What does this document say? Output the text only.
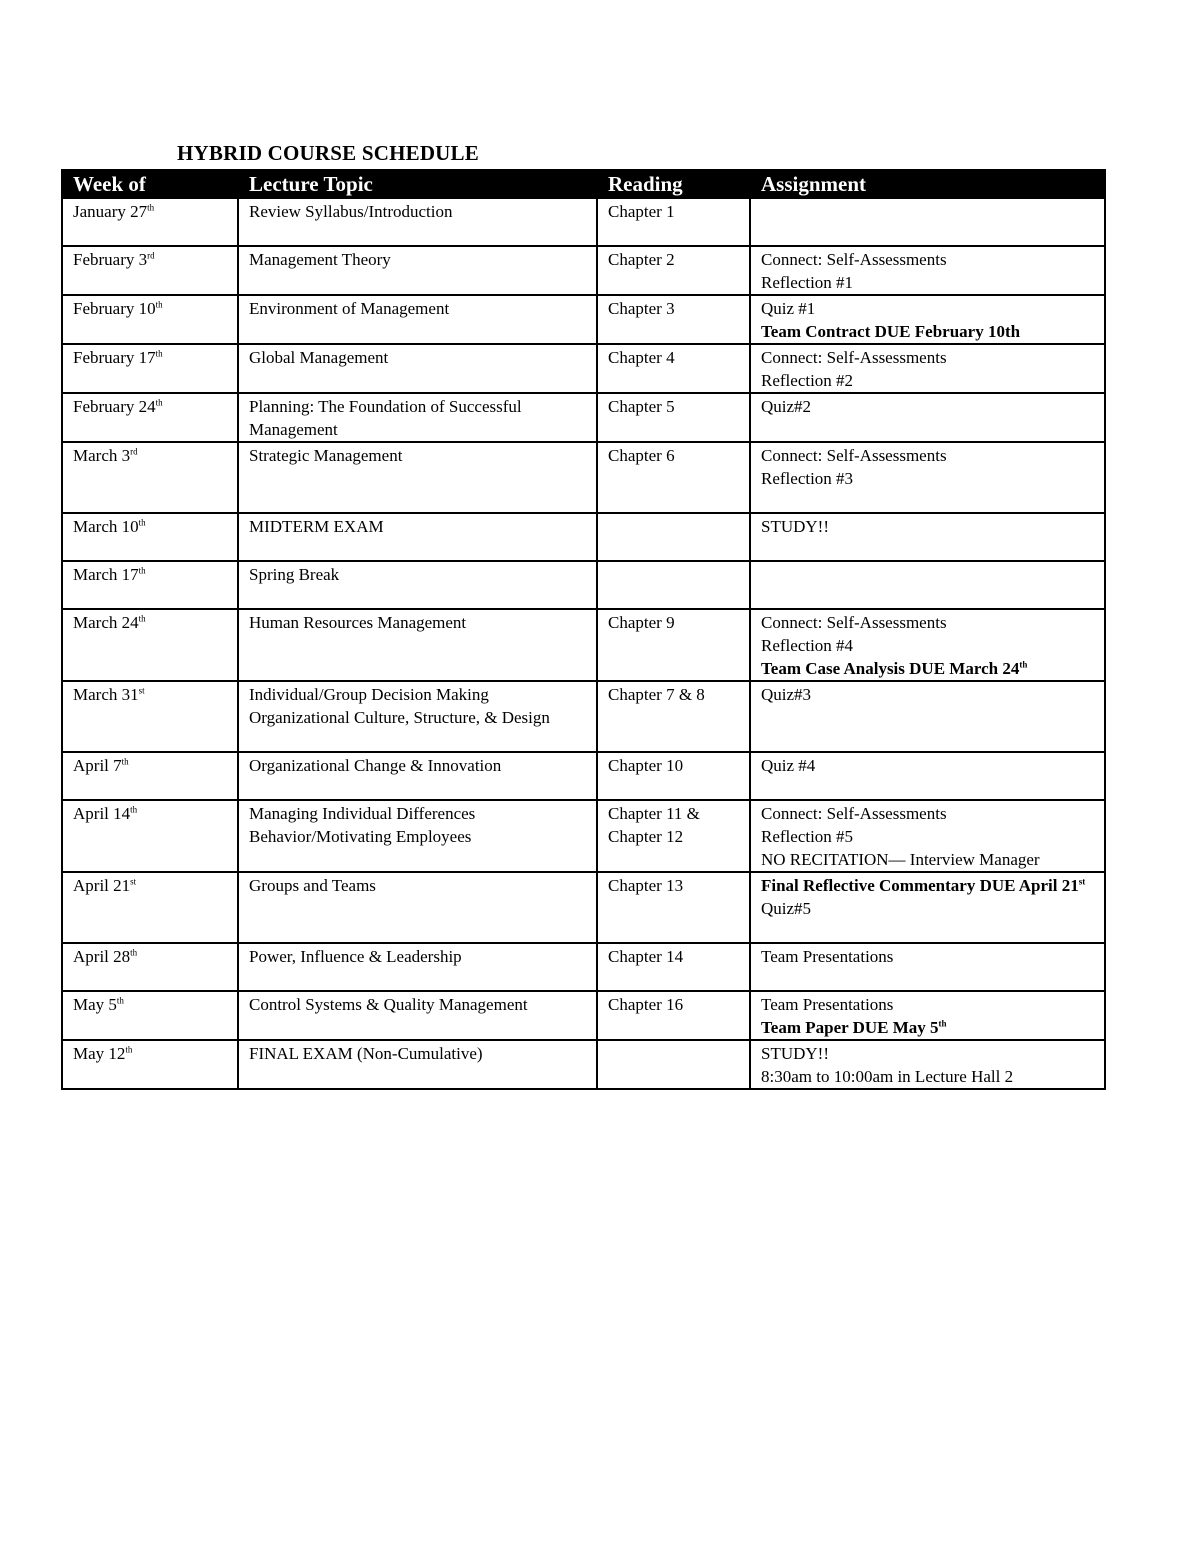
HYBRID COURSE SCHEDULE
Week of	Lecture Topic	Reading	Assignment
January 27th	Review Syllabus/Introduction	Chapter 1	

February 3rd	Management Theory	Chapter 2	Connect: Self-Assessments
Reflection #1

February 10th	Environment of Management	Chapter 3	Quiz #1
Team Contract DUE February 10th

February 17th	Global Management	Chapter 4	Connect: Self-Assessments
Reflection #2

February 24th	Planning: The Foundation of Successful Management	Chapter 5	Quiz#2

March 3rd	Strategic Management	Chapter 6	Connect: Self-Assessments
Reflection #3

March 10th	MIDTERM EXAM		STUDY!!

March 17th	Spring Break		

March 24th	Human Resources Management	Chapter 9	Connect: Self-Assessments
Reflection #4
Team Case Analysis DUE March 24th

March 31st	Individual/Group Decision Making
Organizational Culture, Structure, & Design	Chapter 7 & 8	Quiz#3

April 7th	Organizational Change & Innovation	Chapter 10	Quiz #4

April 14th	Managing Individual Differences
Behavior/Motivating Employees	Chapter 11 &
Chapter 12	Connect: Self-Assessments
Reflection #5
NO RECITATION— Interview Manager

April 21st	Groups and Teams	Chapter 13	Final Reflective Commentary DUE April 21st
Quiz#5

April 28th	Power, Influence & Leadership	Chapter 14	Team Presentations

May 5th	Control Systems & Quality Management	Chapter 16	Team Presentations
Team Paper DUE May 5th

May 12th	FINAL EXAM (Non-Cumulative)		STUDY!!
8:30am to 10:00am in Lecture Hall 2
